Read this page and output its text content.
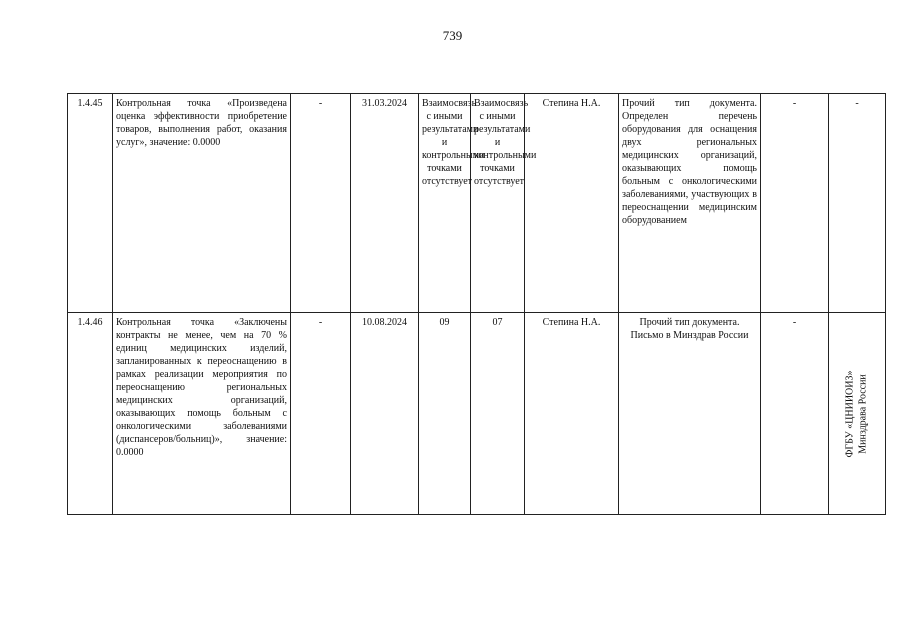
739
1.4.45	Контрольная точка «Произведена оценка эффективности приобретение товаров, выполнения работ, оказания услуг», значение: 0.0000	-	31.03.2024	Взаимосвязь с иными результатами и контрольными точками отсутствует	Взаимосвязь с иными результатами и контрольными точками отсутствует	Степина Н.А.	Прочий тип документа. Определен перечень оборудования для оснащения двух региональных медицинских организаций, оказывающих помощь больным с онкологическими заболеваниями, участвующих в переоснащении медицинским оборудованием	-	-
1.4.46	Контрольная точка «Заключены контракты не менее, чем на 70 % единиц медицинских изделий, запланированных к переоснащению в рамках реализации мероприятия по переоснащению региональных медицинских организаций, оказывающих помощь больным с онкологическими заболеваниями (диспансеров/больниц)», значение: 0.0000	-	10.08.2024	09	07	Степина Н.А.	Прочий тип документа. Письмо в Минздрав России	-	ФГБУ «ЦНИИОИЗ» Минздрава России
